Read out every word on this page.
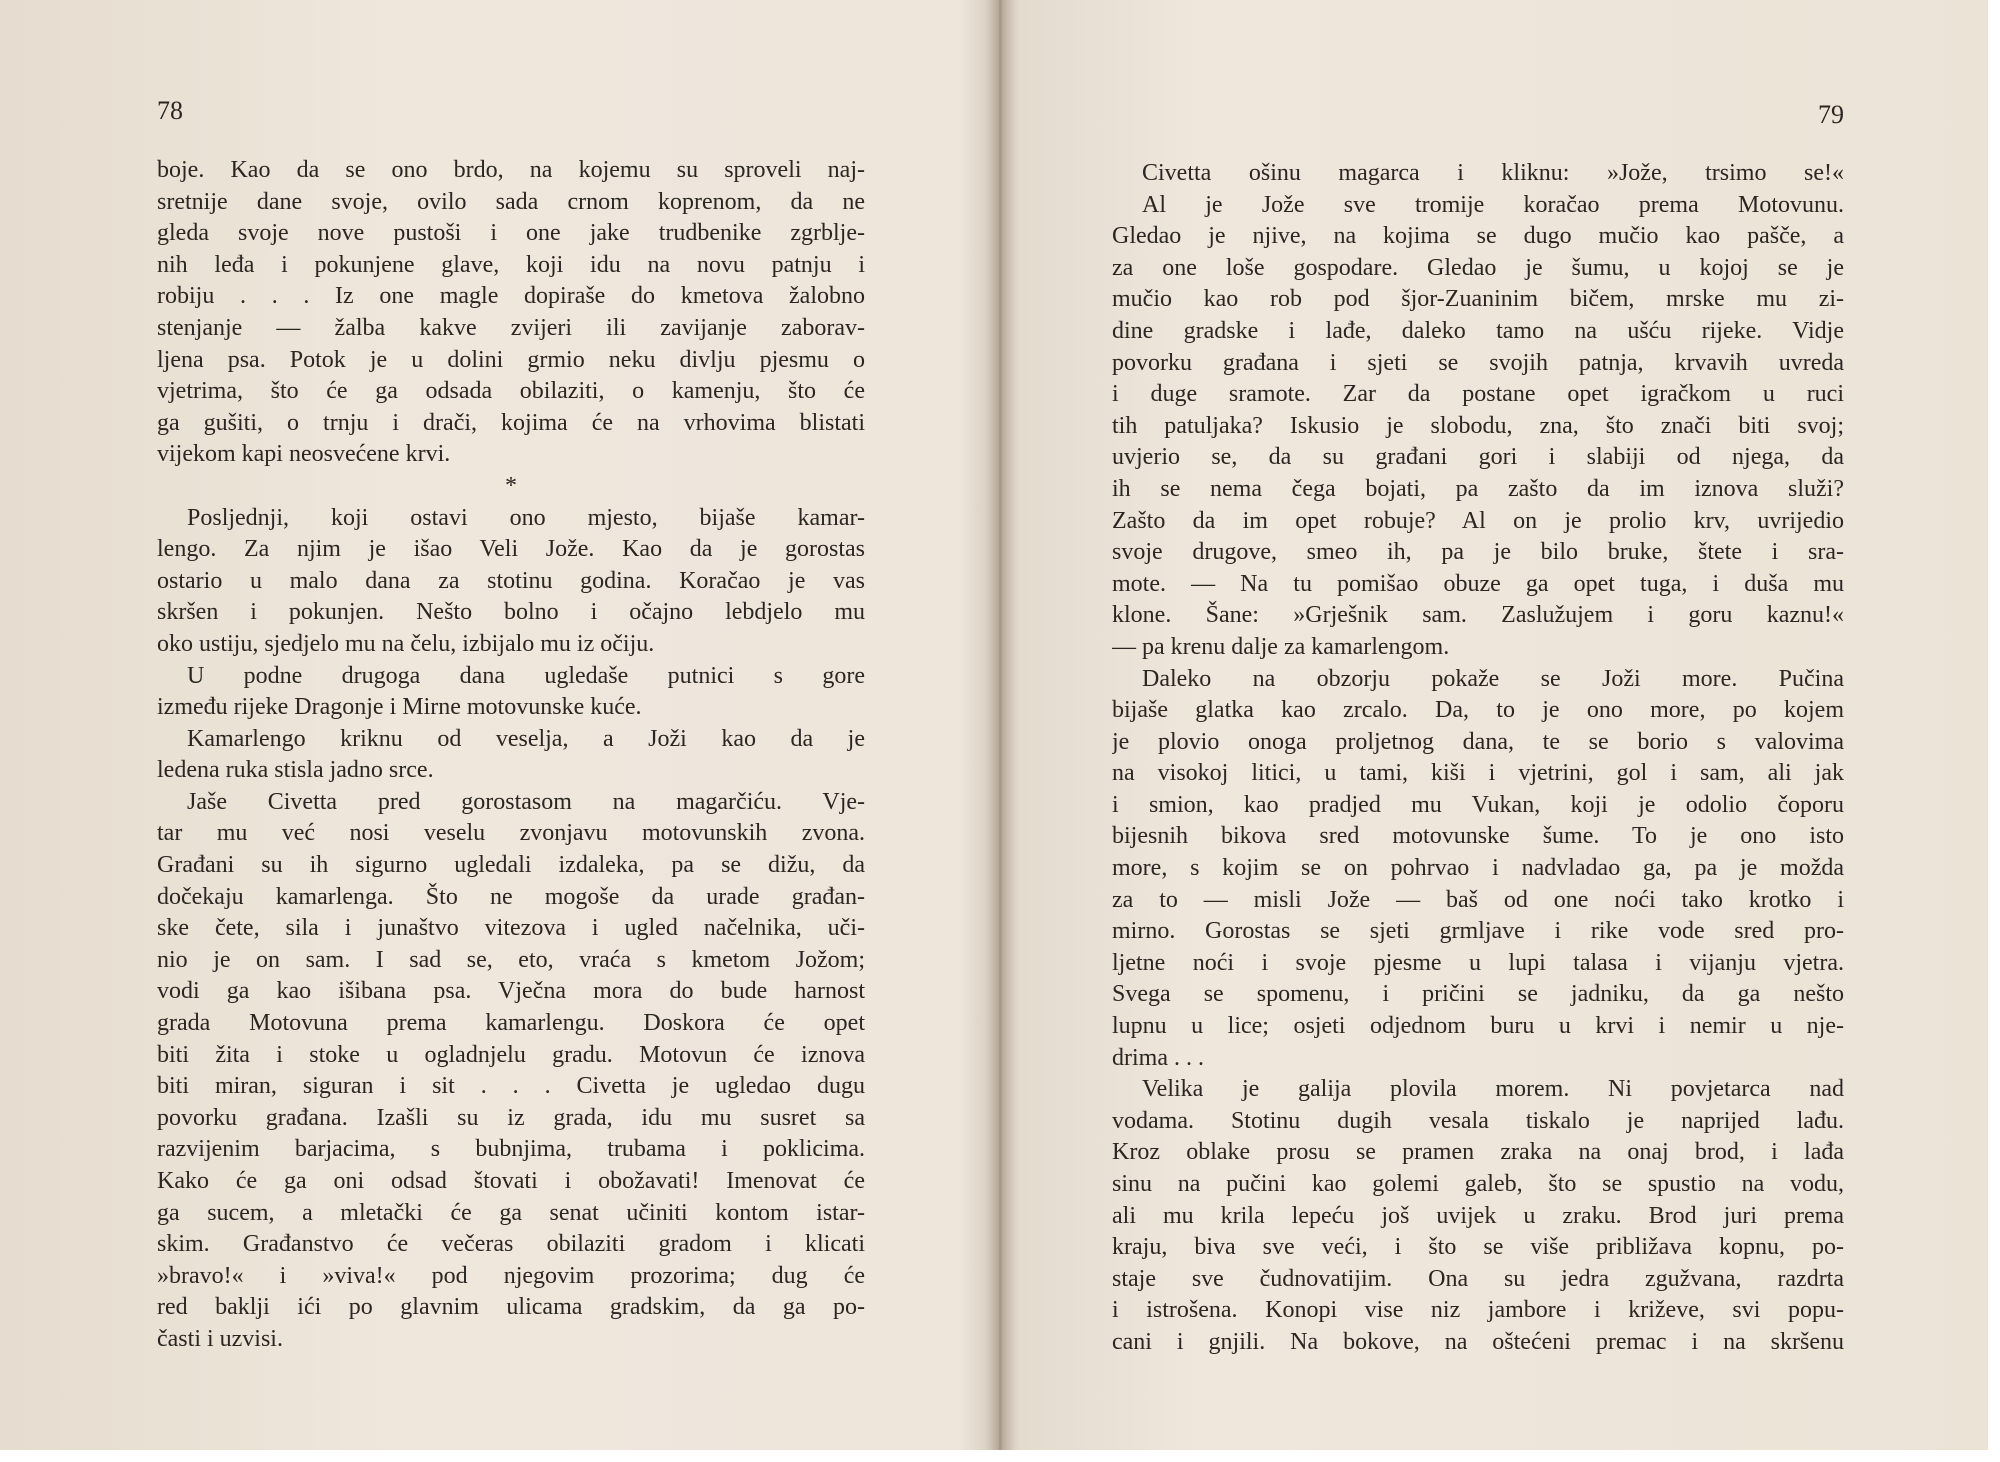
78
boje. Kao da se ono brdo, na kojemu su sproveli naj-
sretnije dane svoje, ovilo sada crnom koprenom, da ne
gleda svoje nove pustoši i one jake trudbenike zgrblje-
nih leđa i pokunjene glave, koji idu na novu patnju i
robiju . . . Iz one magle dopiraše do kmetova žalobno
stenjanje — žalba kakve zvijeri ili zavijanje zaborav-
ljena psa. Potok je u dolini grmio neku divlju pjesmu o
vjetrima, što će ga odsada obilaziti, o kamenju, što će
ga gušiti, o trnju i drači, kojima će na vrhovima blistati
vijekom kapi neosvećene krvi.
*
Posljednji, koji ostavi ono mjesto, bijaše kamar-
lengo. Za njim je išao Veli Jože. Kao da je gorostas
ostario u malo dana za stotinu godina. Koračao je vas
skršen i pokunjen. Nešto bolno i očajno lebdjelo mu
oko ustiju, sjedjelo mu na čelu, izbijalo mu iz očiju.
U podne drugoga dana ugledaše putnici s gore
između rijeke Dragonje i Mirne motovunske kuće.
Kamarlengo kriknu od veselja, a Joži kao da je
ledena ruka stisla jadno srce.
Jaše Civetta pred gorostasom na magarčiću. Vje-
tar mu već nosi veselu zvonjavu motovunskih zvona.
Građani su ih sigurno ugledali izdaleka, pa se dižu, da
dočekaju kamarlenga. Što ne mogoše da urade građan-
ske čete, sila i junaštvo vitezova i ugled načelnika, uči-
nio je on sam. I sad se, eto, vraća s kmetom Jožom;
vodi ga kao išibana psa. Vječna mora do bude harnost
grada Motovuna prema kamarlengu. Doskora će opet
biti žita i stoke u ogladnjelu gradu. Motovun će iznova
biti miran, siguran i sit . . . Civetta je ugledao dugu
povorku građana. Izašli su iz grada, idu mu susret sa
razvijenim barjacima, s bubnjima, trubama i poklicima.
Kako će ga oni odsad štovati i obožavati! Imenovat će
ga sucem, a mletački će ga senat učiniti kontom istar-
skim. Građanstvo će večeras obilaziti gradom i klicati
»bravo!« i »viva!« pod njegovim prozorima; dug će
red baklji ići po glavnim ulicama gradskim, da ga po-
časti i uzvisi.
79
Civetta ošinu magarca i kliknu: »Jože, trsimo se!«
Al je Jože sve tromije koračao prema Motovunu.
Gledao je njive, na kojima se dugo mučio kao pašče, a
za one loše gospodare. Gledao je šumu, u kojoj se je
mučio kao rob pod šjor-Zuaninim bičem, mrske mu zi-
dine gradske i lađe, daleko tamo na ušću rijeke. Vidje
povorku građana i sjeti se svojih patnja, krvavih uvreda
i duge sramote. Zar da postane opet igračkom u ruci
tih patuljaka? Iskusio je slobodu, zna, što znači biti svoj;
uvjerio se, da su građani gori i slabiji od njega, da
ih se nema čega bojati, pa zašto da im iznova služi?
Zašto da im opet robuje? Al on je prolio krv, uvrijedio
svoje drugove, smeo ih, pa je bilo bruke, štete i sra-
mote. — Na tu pomišao obuze ga opet tuga, i duša mu
klone. Šane: »Grješnik sam. Zaslužujem i goru kaznu!«
— pa krenu dalje za kamarlengom.
Daleko na obzorju pokaže se Joži more. Pučina
bijaše glatka kao zrcalo. Da, to je ono more, po kojem
je plovio onoga proljetnog dana, te se borio s valovima
na visokoj litici, u tami, kiši i vjetrini, gol i sam, ali jak
i smion, kao pradjed mu Vukan, koji je odolio čoporu
bijesnih bikova sred motovunske šume. To je ono isto
more, s kojim se on pohrvao i nadvladao ga, pa je možda
za to — misli Jože — baš od one noći tako krotko i
mirno. Gorostas se sjeti grmljave i rike vode sred pro-
ljetne noći i svoje pjesme u lupi talasa i vijanju vjetra.
Svega se spomenu, i pričini se jadniku, da ga nešto
lupnu u lice; osjeti odjednom buru u krvi i nemir u nje-
drima . . .
Velika je galija plovila morem. Ni povjetarca nad
vodama. Stotinu dugih vesala tiskalo je naprijed lađu.
Kroz oblake prosu se pramen zraka na onaj brod, i lađa
sinu na pučini kao golemi galeb, što se spustio na vodu,
ali mu krila lepeću još uvijek u zraku. Brod juri prema
kraju, biva sve veći, i što se više približava kopnu, po-
staje sve čudnovatijim. Ona su jedra zgužvana, razdrta
i istrošena. Konopi vise niz jambore i križeve, svi popu-
cani i gnjili. Na bokove, na oštećeni premac i na skršenu
